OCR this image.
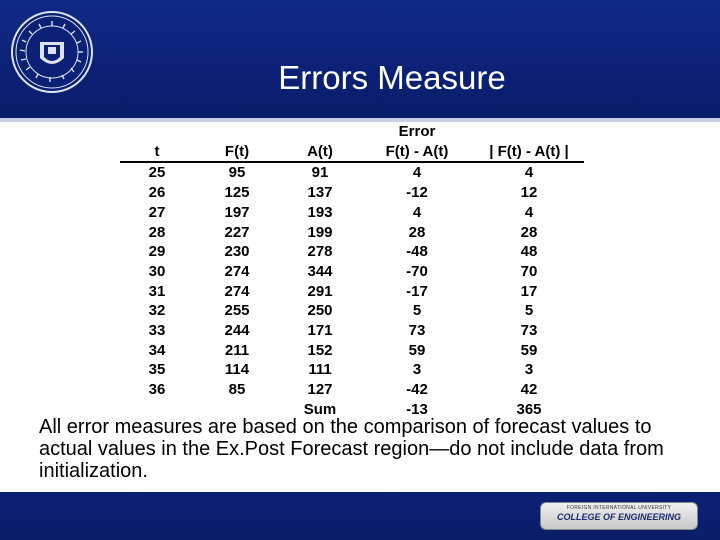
Errors Measure
			Error	
t	F(t)	A(t)	F(t) - A(t)	| F(t) - A(t) |
25	95	91	4	4
26	125	137	-12	12
27	197	193	4	4
28	227	199	28	28
29	230	278	-48	48
30	274	344	-70	70
31	274	291	-17	17
32	255	250	5	5
33	244	171	73	73
34	211	152	59	59
35	114	111	3	3
36	85	127	-42	42
		Sum	-13	365
All error measures are based on the comparison of forecast values to actual values in the Ex.Post Forecast region—do not include data from initialization.
FOREIGN INTERNATIONAL UNIVERSITY
COLLEGE OF ENGINEERING
